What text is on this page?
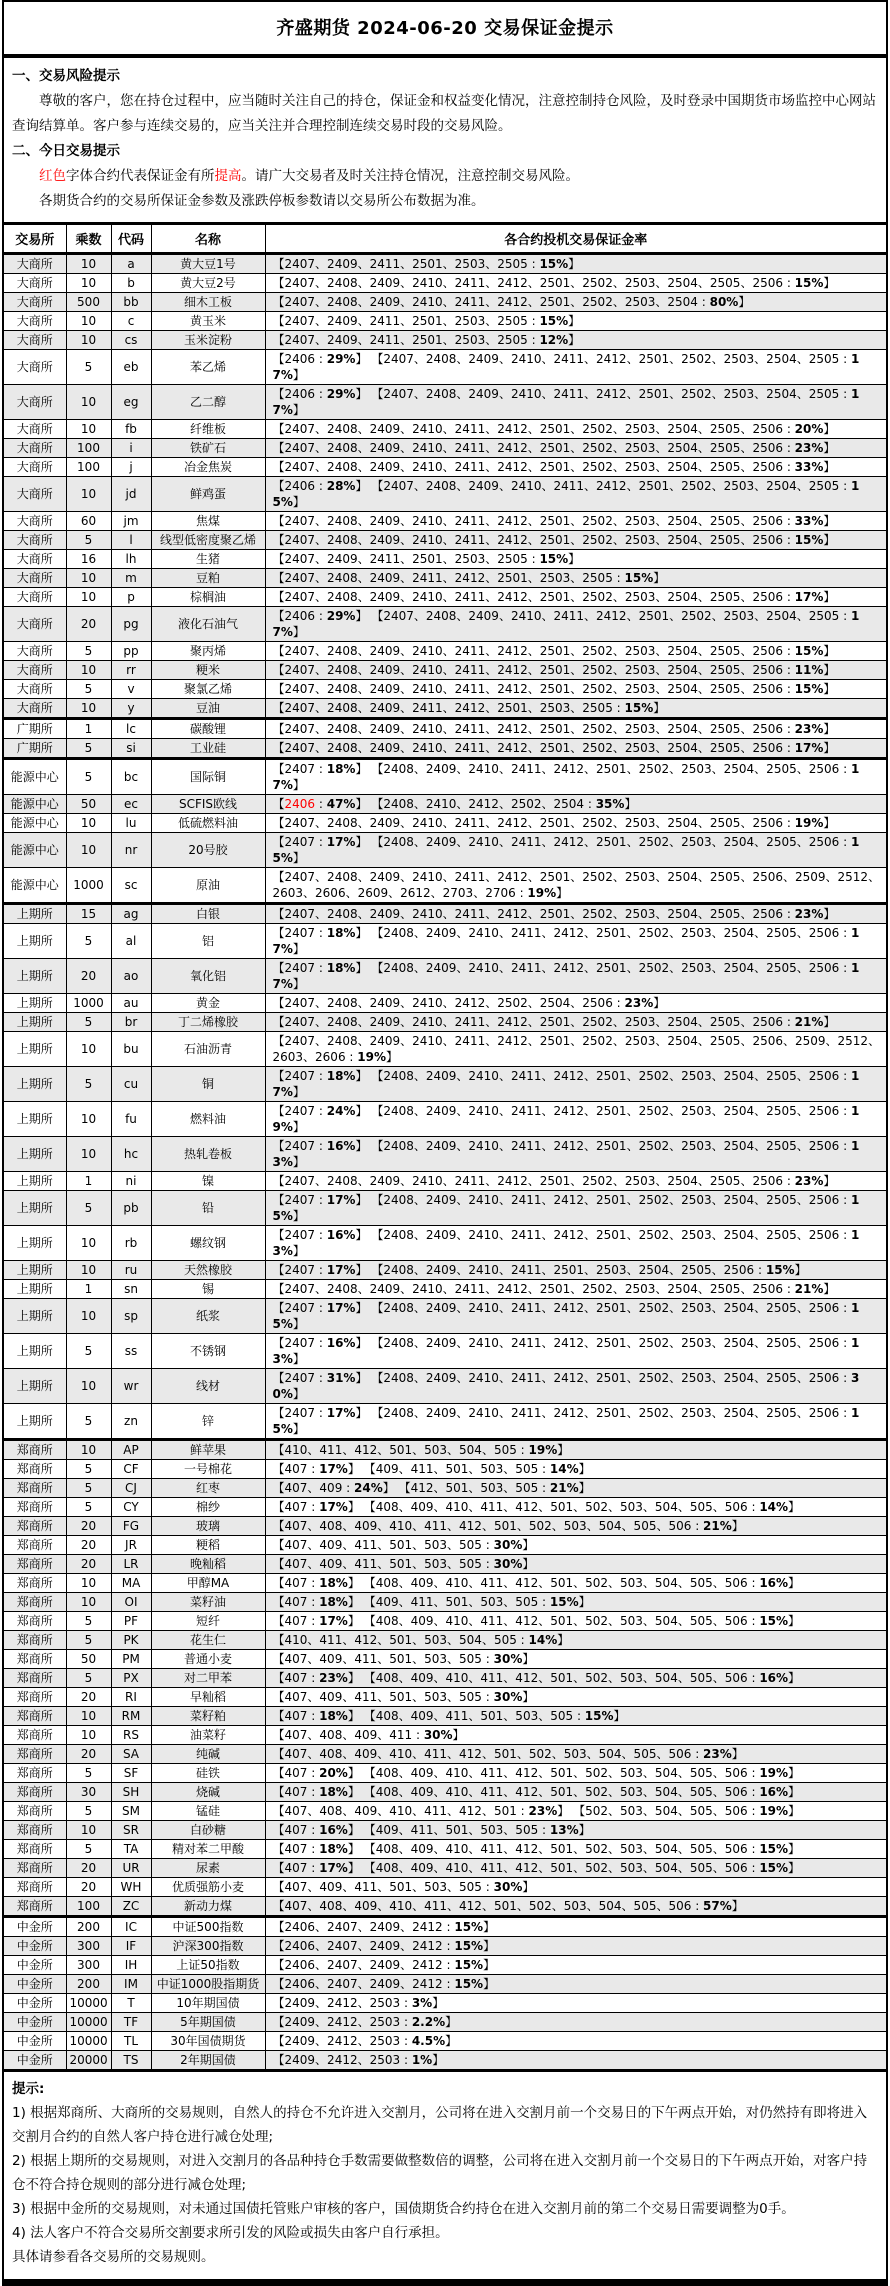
齐盛期货 2024-06-20 交易保证金提示
一、交易风险提示
尊敬的客户，您在持仓过程中，应当随时关注自己的持仓，保证金和权益变化情况，注意控制持仓风险，及时登录中国期货市场监控中心网站查询结算单。客户参与连续交易的，应当关注并合理控制连续交易时段的交易风险。
二、今日交易提示
红色字体合约代表保证金有所提高。请广大交易者及时关注持仓情况，注意控制交易风险。
各期货合约的交易所保证金参数及涨跌停板参数请以交易所公布数据为准。
交易所	乘数	代码	名称	各合约投机交易保证金率
大商所	10	a	黄大豆1号	【2407、2409、2411、2501、2503、2505 : 15%】
大商所	10	b	黄大豆2号	【2407、2408、2409、2410、2411、2412、2501、2502、2503、2504、2505、2506 : 15%】
大商所	500	bb	细木工板	【2407、2408、2409、2410、2411、2412、2501、2502、2503、2504 : 80%】
大商所	10	c	黄玉米	【2407、2409、2411、2501、2503、2505 : 15%】
大商所	10	cs	玉米淀粉	【2407、2409、2411、2501、2503、2505 : 12%】
大商所	5	eb	苯乙烯	【2406 : 29%】 【2407、2408、2409、2410、2411、2412、2501、2502、2503、2504、2505 : 17%】
大商所	10	eg	乙二醇	【2406 : 29%】 【2407、2408、2409、2410、2411、2412、2501、2502、2503、2504、2505 : 17%】
大商所	10	fb	纤维板	【2407、2408、2409、2410、2411、2412、2501、2502、2503、2504、2505、2506 : 20%】
大商所	100	i	铁矿石	【2407、2408、2409、2410、2411、2412、2501、2502、2503、2504、2505、2506 : 23%】
大商所	100	j	冶金焦炭	【2407、2408、2409、2410、2411、2412、2501、2502、2503、2504、2505、2506 : 33%】
大商所	10	jd	鲜鸡蛋	【2406 : 28%】 【2407、2408、2409、2410、2411、2412、2501、2502、2503、2504、2505 : 15%】
大商所	60	jm	焦煤	【2407、2408、2409、2410、2411、2412、2501、2502、2503、2504、2505、2506 : 33%】
大商所	5	l	线型低密度聚乙烯	【2407、2408、2409、2410、2411、2412、2501、2502、2503、2504、2505、2506 : 15%】
大商所	16	lh	生猪	【2407、2409、2411、2501、2503、2505 : 15%】
大商所	10	m	豆粕	【2407、2408、2409、2411、2412、2501、2503、2505 : 15%】
大商所	10	p	棕榈油	【2407、2408、2409、2410、2411、2412、2501、2502、2503、2504、2505、2506 : 17%】
大商所	20	pg	液化石油气	【2406 : 29%】 【2407、2408、2409、2410、2411、2412、2501、2502、2503、2504、2505 : 17%】
大商所	5	pp	聚丙烯	【2407、2408、2409、2410、2411、2412、2501、2502、2503、2504、2505、2506 : 15%】
大商所	10	rr	粳米	【2407、2408、2409、2410、2411、2412、2501、2502、2503、2504、2505、2506 : 11%】
大商所	5	v	聚氯乙烯	【2407、2408、2409、2410、2411、2412、2501、2502、2503、2504、2505、2506 : 15%】
大商所	10	y	豆油	【2407、2408、2409、2411、2412、2501、2503、2505 : 15%】
广期所	1	lc	碳酸锂	【2407、2408、2409、2410、2411、2412、2501、2502、2503、2504、2505、2506 : 23%】
广期所	5	si	工业硅	【2407、2408、2409、2410、2411、2412、2501、2502、2503、2504、2505、2506 : 17%】
能源中心	5	bc	国际铜	【2407 : 18%】 【2408、2409、2410、2411、2412、2501、2502、2503、2504、2505、2506 : 17%】
能源中心	50	ec	SCFIS欧线	【2406 : 47%】 【2408、2410、2412、2502、2504 : 35%】
能源中心	10	lu	低硫燃料油	【2407、2408、2409、2410、2411、2412、2501、2502、2503、2504、2505、2506 : 19%】
能源中心	10	nr	20号胶	【2407 : 17%】 【2408、2409、2410、2411、2412、2501、2502、2503、2504、2505、2506 : 15%】
能源中心	1000	sc	原油	【2407、2408、2409、2410、2411、2412、2501、2502、2503、2504、2505、2506、2509、2512、2603、2606、2609、2612、2703、2706 : 19%】
上期所	15	ag	白银	【2407、2408、2409、2410、2411、2412、2501、2502、2503、2504、2505、2506 : 23%】
上期所	5	al	铝	【2407 : 18%】 【2408、2409、2410、2411、2412、2501、2502、2503、2504、2505、2506 : 17%】
上期所	20	ao	氧化铝	【2407 : 18%】 【2408、2409、2410、2411、2412、2501、2502、2503、2504、2505、2506 : 17%】
上期所	1000	au	黄金	【2407、2408、2409、2410、2412、2502、2504、2506 : 23%】
上期所	5	br	丁二烯橡胶	【2407、2408、2409、2410、2411、2412、2501、2502、2503、2504、2505、2506 : 21%】
上期所	10	bu	石油沥青	【2407、2408、2409、2410、2411、2412、2501、2502、2503、2504、2505、2506、2509、2512、2603、2606 : 19%】
上期所	5	cu	铜	【2407 : 18%】 【2408、2409、2410、2411、2412、2501、2502、2503、2504、2505、2506 : 17%】
上期所	10	fu	燃料油	【2407 : 24%】 【2408、2409、2410、2411、2412、2501、2502、2503、2504、2505、2506 : 19%】
上期所	10	hc	热轧卷板	【2407 : 16%】 【2408、2409、2410、2411、2412、2501、2502、2503、2504、2505、2506 : 13%】
上期所	1	ni	镍	【2407、2408、2409、2410、2411、2412、2501、2502、2503、2504、2505、2506 : 23%】
上期所	5	pb	铅	【2407 : 17%】 【2408、2409、2410、2411、2412、2501、2502、2503、2504、2505、2506 : 15%】
上期所	10	rb	螺纹钢	【2407 : 16%】 【2408、2409、2410、2411、2412、2501、2502、2503、2504、2505、2506 : 13%】
上期所	10	ru	天然橡胶	【2407 : 17%】 【2408、2409、2410、2411、2501、2503、2504、2505、2506 : 15%】
上期所	1	sn	锡	【2407、2408、2409、2410、2411、2412、2501、2502、2503、2504、2505、2506 : 21%】
上期所	10	sp	纸浆	【2407 : 17%】 【2408、2409、2410、2411、2412、2501、2502、2503、2504、2505、2506 : 15%】
上期所	5	ss	不锈钢	【2407 : 16%】 【2408、2409、2410、2411、2412、2501、2502、2503、2504、2505、2506 : 13%】
上期所	10	wr	线材	【2407 : 31%】 【2408、2409、2410、2411、2412、2501、2502、2503、2504、2505、2506 : 30%】
上期所	5	zn	锌	【2407 : 17%】 【2408、2409、2410、2411、2412、2501、2502、2503、2504、2505、2506 : 15%】
郑商所	10	AP	鲜苹果	【410、411、412、501、503、504、505 : 19%】
郑商所	5	CF	一号棉花	【407 : 17%】 【409、411、501、503、505 : 14%】
郑商所	5	CJ	红枣	【407、409 : 24%】 【412、501、503、505 : 21%】
郑商所	5	CY	棉纱	【407 : 17%】 【408、409、410、411、412、501、502、503、504、505、506 : 14%】
郑商所	20	FG	玻璃	【407、408、409、410、411、412、501、502、503、504、505、506 : 21%】
郑商所	20	JR	粳稻	【407、409、411、501、503、505 : 30%】
郑商所	20	LR	晚籼稻	【407、409、411、501、503、505 : 30%】
郑商所	10	MA	甲醇MA	【407 : 18%】 【408、409、410、411、412、501、502、503、504、505、506 : 16%】
郑商所	10	OI	菜籽油	【407 : 18%】 【409、411、501、503、505 : 15%】
郑商所	5	PF	短纤	【407 : 17%】 【408、409、410、411、412、501、502、503、504、505、506 : 15%】
郑商所	5	PK	花生仁	【410、411、412、501、503、504、505 : 14%】
郑商所	50	PM	普通小麦	【407、409、411、501、503、505 : 30%】
郑商所	5	PX	对二甲苯	【407 : 23%】 【408、409、410、411、412、501、502、503、504、505、506 : 16%】
郑商所	20	RI	早籼稻	【407、409、411、501、503、505 : 30%】
郑商所	10	RM	菜籽粕	【407 : 18%】 【408、409、411、501、503、505 : 15%】
郑商所	10	RS	油菜籽	【407、408、409、411 : 30%】
郑商所	20	SA	纯碱	【407、408、409、410、411、412、501、502、503、504、505、506 : 23%】
郑商所	5	SF	硅铁	【407 : 20%】 【408、409、410、411、412、501、502、503、504、505、506 : 19%】
郑商所	30	SH	烧碱	【407 : 18%】 【408、409、410、411、412、501、502、503、504、505、506 : 16%】
郑商所	5	SM	锰硅	【407、408、409、410、411、412、501 : 23%】 【502、503、504、505、506 : 19%】
郑商所	10	SR	白砂糖	【407 : 16%】 【409、411、501、503、505 : 13%】
郑商所	5	TA	精对苯二甲酸	【407 : 18%】 【408、409、410、411、412、501、502、503、504、505、506 : 15%】
郑商所	20	UR	尿素	【407 : 17%】 【408、409、410、411、412、501、502、503、504、505、506 : 15%】
郑商所	20	WH	优质强筋小麦	【407、409、411、501、503、505 : 30%】
郑商所	100	ZC	新动力煤	【407、408、409、410、411、412、501、502、503、504、505、506 : 57%】
中金所	200	IC	中证500指数	【2406、2407、2409、2412 : 15%】
中金所	300	IF	沪深300指数	【2406、2407、2409、2412 : 15%】
中金所	300	IH	上证50指数	【2406、2407、2409、2412 : 15%】
中金所	200	IM	中证1000股指期货	【2406、2407、2409、2412 : 15%】
中金所	10000	T	10年期国债	【2409、2412、2503 : 3%】
中金所	10000	TF	5年期国债	【2409、2412、2503 : 2.2%】
中金所	10000	TL	30年国债期货	【2409、2412、2503 : 4.5%】
中金所	20000	TS	2年期国债	【2409、2412、2503 : 1%】
提示:
1) 根据郑商所、大商所的交易规则，自然人的持仓不允许进入交割月，公司将在进入交割月前一个交易日的下午两点开始，对仍然持有即将进入交割月合约的自然人客户持仓进行减仓处理;
2) 根据上期所的交易规则，对进入交割月的各品种持仓手数需要做整数倍的调整，公司将在进入交割月前一个交易日的下午两点开始，对客户持仓不符合持仓规则的部分进行减仓处理;
3) 根据中金所的交易规则，对未通过国债托管账户审核的客户，国债期货合约持仓在进入交割月前的第二个交易日需要调整为0手。
4) 法人客户不符合交易所交割要求所引发的风险或损失由客户自行承担。
具体请参看各交易所的交易规则。
